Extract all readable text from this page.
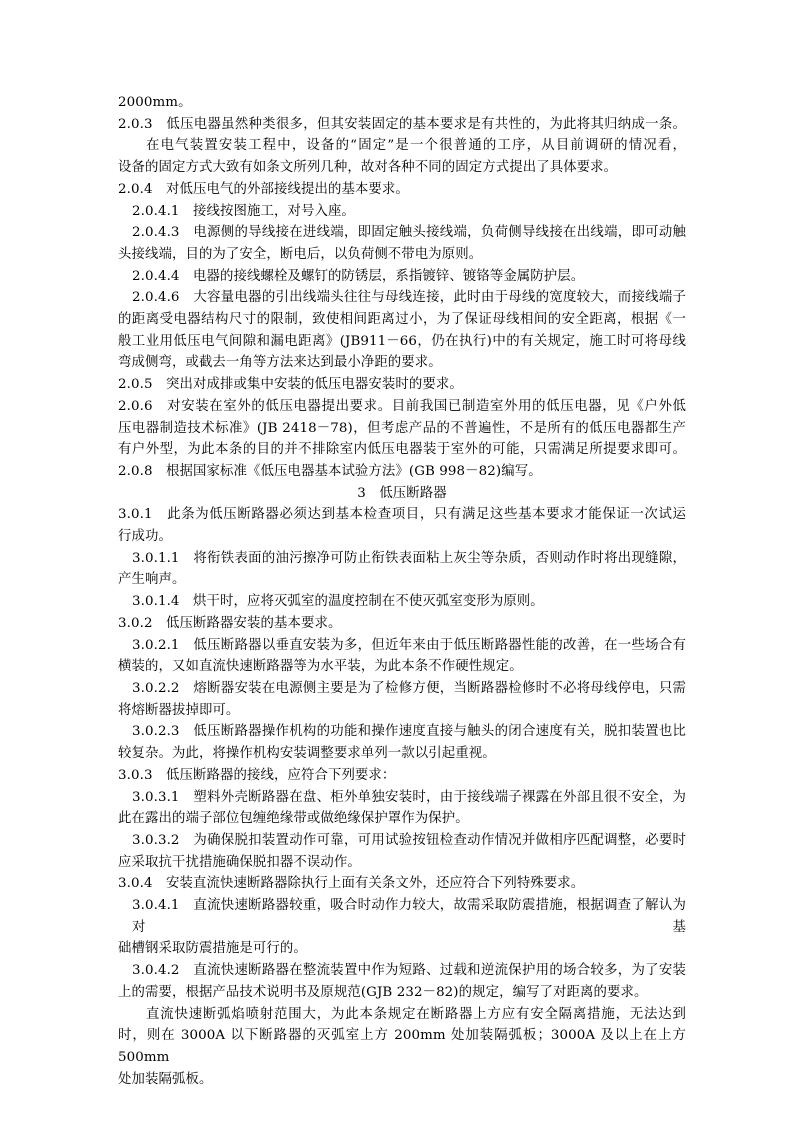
2000mm。
2.0.3　低压电器虽然种类很多，但其安装固定的基本要求是有共性的，为此将其归纳成一条。
在电气装置安装工程中，设备的“固定”是一个很普通的工序，从目前调研的情况看，
设备的固定方式大致有如条文所列几种，故对各种不同的固定方式提出了具体要求。
2.0.4　对低压电气的外部接线提出的基本要求。
2.0.4.1　接线按图施工，对号入座。
2.0.4.3　电源侧的导线接在进线端，即固定触头接线端，负荷侧导线接在出线端，即可动触
头接线端，目的为了安全，断电后，以负荷侧不带电为原则。
2.0.4.4　电器的接线螺栓及螺钉的防锈层，系指镀锌、镀铬等金属防护层。
2.0.4.6　大容量电器的引出线端头往往与母线连接，此时由于母线的宽度较大，而接线端子
的距离受电器结构尺寸的限制，致使相间距离过小，为了保证母线相间的安全距离，根据《一
般工业用低压电气间隙和漏电距离》(JB911－66，仍在执行)中的有关规定，施工时可将母线
弯成侧弯，或截去一角等方法来达到最小净距的要求。
2.0.5　突出对成排或集中安装的低压电器安装时的要求。
2.0.6　对安装在室外的低压电器提出要求。目前我国已制造室外用的低压电器，见《户外低
压电器制造技术标准》(JB 2418－78)，但考虑产品的不普遍性，不是所有的低压电器都生产
有户外型，为此本条的目的并不排除室内低压电器装于室外的可能，只需满足所提要求即可。
2.0.8　根据国家标准《低压电器基本试验方法》(GB 998－82)编写。
3　低压断路器
3.0.1　此条为低压断路器必须达到基本检查项目，只有满足这些基本要求才能保证一次试运
行成功。
3.0.1.1　将衔铁表面的油污擦净可防止衔铁表面粘上灰尘等杂质，否则动作时将出现缝隙，
产生响声。
3.0.1.4　烘干时，应将灭弧室的温度控制在不使灭弧室变形为原则。
3.0.2　低压断路器安装的基本要求。
3.0.2.1　低压断路器以垂直安装为多，但近年来由于低压断路器性能的改善，在一些场合有
横装的，又如直流快速断路器等为水平装，为此本条不作硬性规定。
3.0.2.2　熔断器安装在电源侧主要是为了检修方便，当断路器检修时不必将母线停电，只需
将熔断器拔掉即可。
3.0.2.3　低压断路器操作机构的功能和操作速度直接与触头的闭合速度有关，脱扣装置也比
较复杂。为此，将操作机构安装调整要求单列一款以引起重视。
3.0.3　低压断路器的接线，应符合下列要求：
3.0.3.1　塑料外壳断路器在盘、柜外单独安装时，由于接线端子裸露在外部且很不安全，为
此在露出的端子部位包缠绝缘带或做绝缘保护罩作为保护。
3.0.3.2　为确保脱扣装置动作可靠，可用试验按钮检查动作情况并做相序匹配调整，必要时
应采取抗干扰措施确保脱扣器不误动作。
3.0.4　安装直流快速断路器除执行上面有关条文外，还应符合下列特殊要求。
3.0.4.1　直流快速断路器较重，吸合时动作力较大，故需采取防震措施，根据调查了解认为对基
础槽钢采取防震措施是可行的。
3.0.4.2　直流快速断路器在整流装置中作为短路、过载和逆流保护用的场合较多，为了安装
上的需要，根据产品技术说明书及原规范(GJB 232－82)的规定，编写了对距离的要求。
直流快速断弧焰喷射范围大，为此本条规定在断路器上方应有安全隔离措施，无法达到
时，则在 3000A 以下断路器的灭弧室上方 200mm 处加装隔弧板；3000A 及以上在上方 500mm
处加装隔弧板。
